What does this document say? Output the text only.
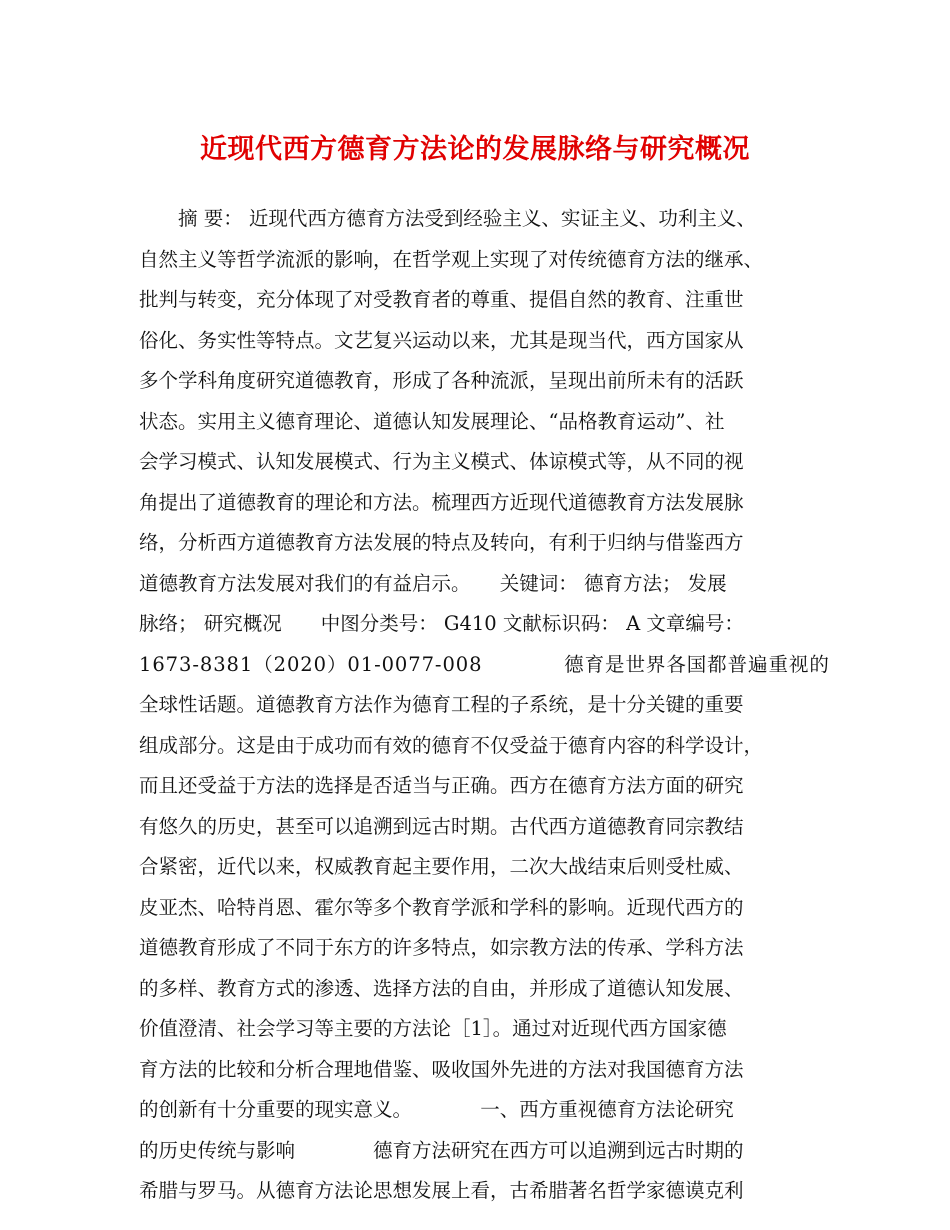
近现代西方德育方法论的发展脉络与研究概况
　　摘 要： 近现代西方德育方法受到经验主义、实证主义、功利主义、
自然主义等哲学流派的影响，在哲学观上实现了对传统德育方法的继承、
批判与转变，充分体现了对受教育者的尊重、提倡自然的教育、注重世
俗化、务实性等特点。文艺复兴运动以来，尤其是现当代，西方国家从
多个学科角度研究道德教育，形成了各种流派，呈现出前所未有的活跃
状态。实用主义德育理论、道德认知发展理论、“品格教育运动”、社
会学习模式、认知发展模式、行为主义模式、体谅模式等，从不同的视
角提出了道德教育的理论和方法。梳理西方近现代道德教育方法发展脉
络，分析西方道德教育方法发展的特点及转向，有利于归纳与借鉴西方
道德教育方法发展对我们的有益启示。　　关键词： 德育方法； 发展
脉络； 研究概况　　中图分类号： G410 文献标识码： A 文章编号：
1673-8381（2020）01-0077-008　　　　德育是世界各国都普遍重视的
全球性话题。道德教育方法作为德育工程的子系统，是十分关键的重要
组成部分。这是由于成功而有效的德育不仅受益于德育内容的科学设计，
而且还受益于方法的选择是否适当与正确。西方在德育方法方面的研究
有悠久的历史，甚至可以追溯到远古时期。古代西方道德教育同宗教结
合紧密，近代以来，权威教育起主要作用，二次大战结束后则受杜威、
皮亚杰、哈特肖恩、霍尔等多个教育学派和学科的影响。近现代西方的
道德教育形成了不同于东方的许多特点，如宗教方法的传承、学科方法
的多样、教育方式的渗透、选择方法的自由，并形成了道德认知发展、
价值澄清、社会学习等主要的方法论［1］。通过对近现代西方国家德
育方法的比较和分析合理地借鉴、吸收国外先进的方法对我国德育方法
的创新有十分重要的现实意义。　　　　一、西方重视德育方法论研究
的历史传统与影响　　　　德育方法研究在西方可以追溯到远古时期的
希腊与罗马。从德育方法论思想发展上看，古希腊著名哲学家德谟克利
